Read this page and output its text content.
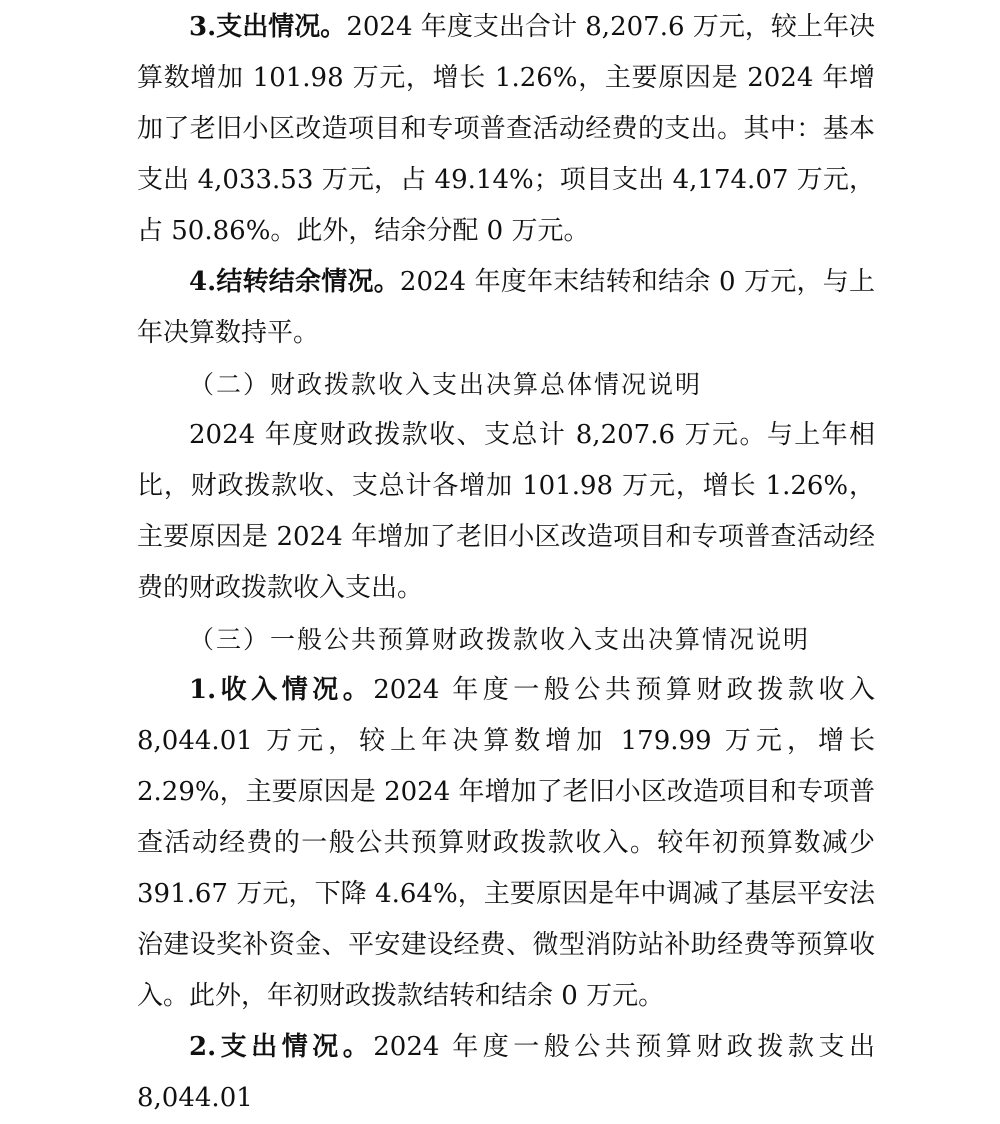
3.支出情况。2024 年度支出合计 8,207.6 万元，较上年决算数增加 101.98 万元，增长 1.26%，主要原因是 2024 年增加了老旧小区改造项目和专项普查活动经费的支出。其中：基本支出 4,033.53 万元，占 49.14%；项目支出 4,174.07 万元，占 50.86%。此外，结余分配 0 万元。

4.结转结余情况。2024 年度年末结转和结余 0 万元，与上年决算数持平。

（二）财政拨款收入支出决算总体情况说明

2024 年度财政拨款收、支总计 8,207.6 万元。与上年相比，财政拨款收、支总计各增加 101.98 万元，增长 1.26%，主要原因是 2024 年增加了老旧小区改造项目和专项普查活动经费的财政拨款收入支出。

（三）一般公共预算财政拨款收入支出决算情况说明

1.收入情况。2024 年度一般公共预算财政拨款收入 8,044.01 万元，较上年决算数增加 179.99 万元，增长 2.29%，主要原因是 2024 年增加了老旧小区改造项目和专项普查活动经费的一般公共预算财政拨款收入。较年初预算数减少 391.67 万元，下降 4.64%，主要原因是年中调减了基层平安法治建设奖补资金、平安建设经费、微型消防站补助经费等预算收入。此外，年初财政拨款结转和结余 0 万元。

2.支出情况。2024 年度一般公共预算财政拨款支出 8,044.01
